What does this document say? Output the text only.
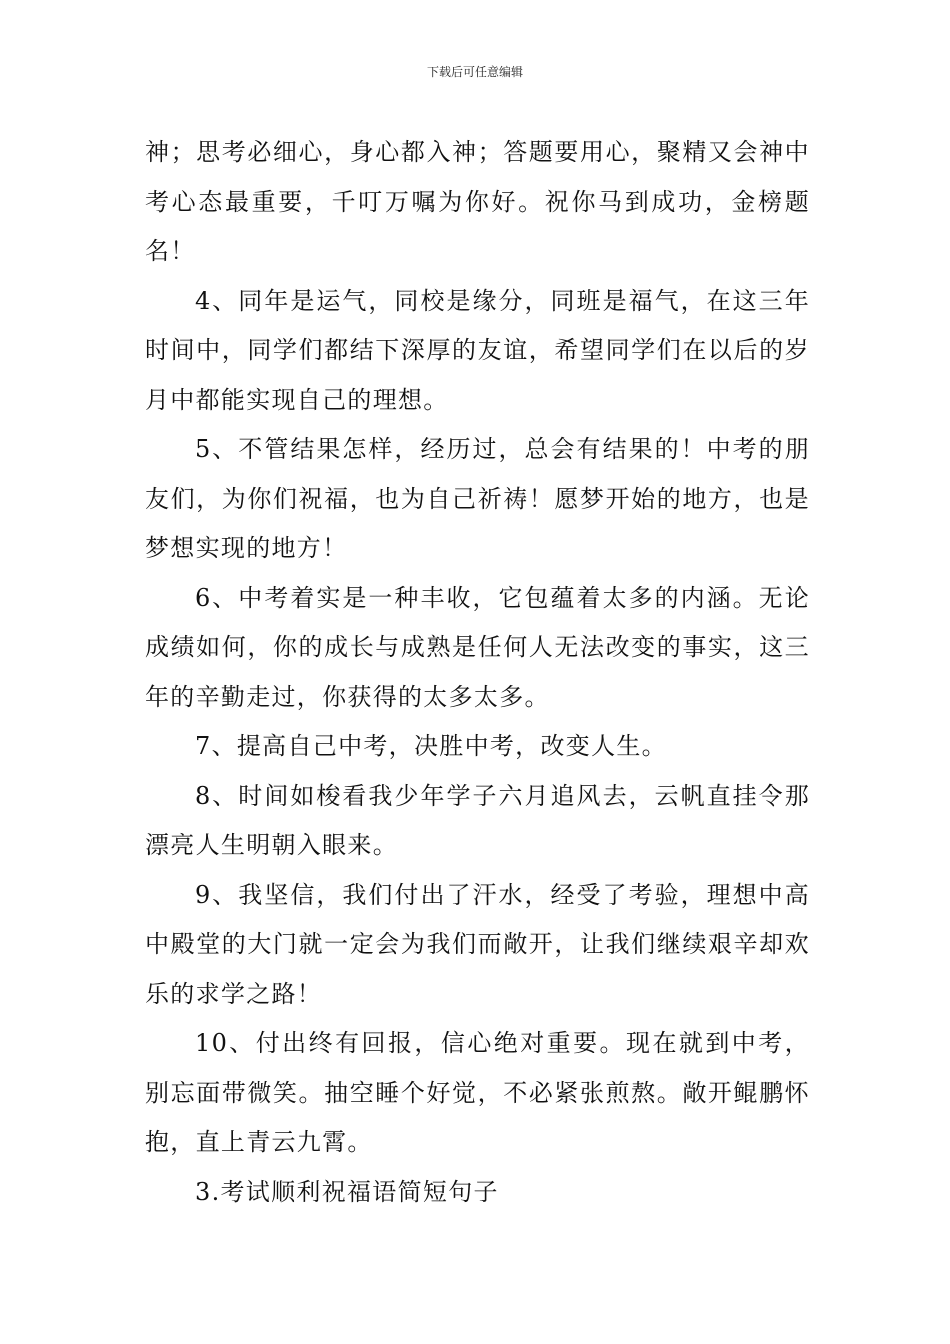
下载后可任意编辑

神；思考必细心，身心都入神；答题要用心，聚精又会神中考心态最重要，千叮万嘱为你好。祝你马到成功，金榜题名！

4、同年是运气，同校是缘分，同班是福气，在这三年时间中，同学们都结下深厚的友谊，希望同学们在以后的岁月中都能实现自己的理想。

5、不管结果怎样，经历过，总会有结果的！中考的朋友们，为你们祝福，也为自己祈祷！愿梦开始的地方，也是梦想实现的地方！

6、中考着实是一种丰收，它包蕴着太多的内涵。无论成绩如何，你的成长与成熟是任何人无法改变的事实，这三年的辛勤走过，你获得的太多太多。

7、提高自己中考，决胜中考，改变人生。

8、时间如梭看我少年学子六月追风去，云帆直挂令那漂亮人生明朝入眼来。

9、我坚信，我们付出了汗水，经受了考验，理想中高中殿堂的大门就一定会为我们而敞开，让我们继续艰辛却欢乐的求学之路！

10、付出终有回报，信心绝对重要。现在就到中考，别忘面带微笑。抽空睡个好觉，不必紧张煎熬。敞开鲲鹏怀抱，直上青云九霄。

3.考试顺利祝福语简短句子
